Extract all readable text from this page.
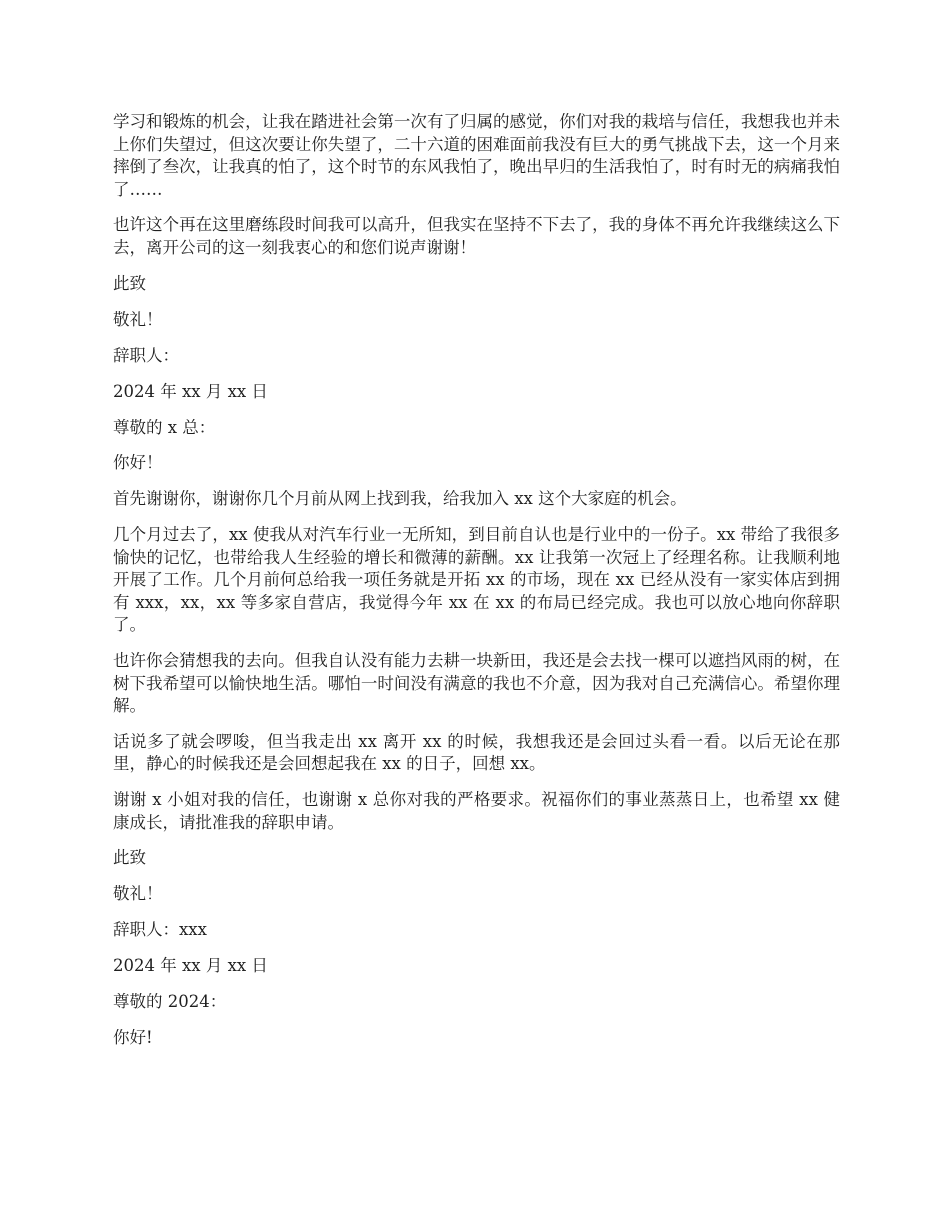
学习和锻炼的机会，让我在踏进社会第一次有了归属的感觉，你们对我的栽培与信任，我想我也并未上你们失望过，但这次要让你失望了，二十六道的困难面前我没有巨大的勇气挑战下去，这一个月来摔倒了叁次，让我真的怕了，这个时节的东风我怕了，晚出早归的生活我怕了，时有时无的病痛我怕了……

也许这个再在这里磨练段时间我可以高升，但我实在坚持不下去了，我的身体不再允许我继续这么下去，离开公司的这一刻我衷心的和您们说声谢谢！

此致

敬礼！

辞职人：

2024 年 xx 月 xx 日

尊敬的 x 总：

你好！

首先谢谢你，谢谢你几个月前从网上找到我，给我加入 xx 这个大家庭的机会。

几个月过去了，xx 使我从对汽车行业一无所知，到目前自认也是行业中的一份子。xx 带给了我很多愉快的记忆，也带给我人生经验的增长和微薄的薪酬。xx 让我第一次冠上了经理名称。让我顺利地开展了工作。几个月前何总给我一项任务就是开拓 xx 的市场，现在 xx 已经从没有一家实体店到拥有 xxx，xx，xx 等多家自营店，我觉得今年 xx 在 xx 的布局已经完成。我也可以放心地向你辞职了。

也许你会猜想我的去向。但我自认没有能力去耕一块新田，我还是会去找一棵可以遮挡风雨的树，在树下我希望可以愉快地生活。哪怕一时间没有满意的我也不介意，因为我对自己充满信心。希望你理解。

话说多了就会啰唆，但当我走出 xx 离开 xx 的时候，我想我还是会回过头看一看。以后无论在那里，静心的时候我还是会回想起我在 xx 的日子，回想 xx。

谢谢 x 小姐对我的信任，也谢谢 x 总你对我的严格要求。祝福你们的事业蒸蒸日上，也希望 xx 健康成长，请批准我的辞职申请。

此致

敬礼！

辞职人：xxx

2024 年 xx 月 xx 日

尊敬的 2024：

你好!
